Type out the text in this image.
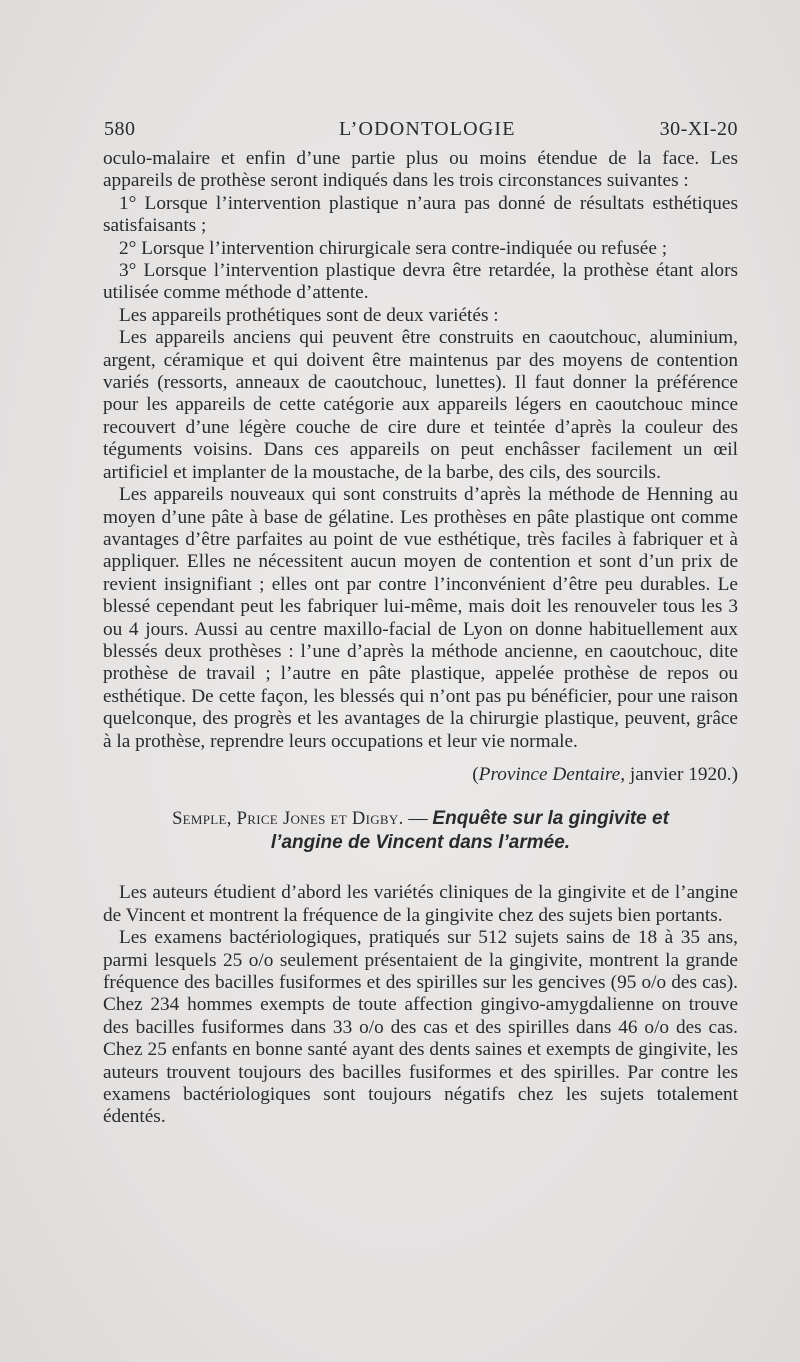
580	L’ODONTOLOGIE	30-XI-20

oculo-malaire et enfin d’une partie plus ou moins étendue de la face. Les appareils de prothèse seront indiqués dans les trois circonstances suivantes :

1° Lorsque l’intervention plastique n’aura pas donné de résultats esthétiques satisfaisants ;

2° Lorsque l’intervention chirurgicale sera contre-indiquée ou refusée ;

3° Lorsque l’intervention plastique devra être retardée, la prothèse étant alors utilisée comme méthode d’attente.

Les appareils prothétiques sont de deux variétés :

Les appareils anciens qui peuvent être construits en caoutchouc, aluminium, argent, céramique et qui doivent être maintenus par des moyens de contention variés (ressorts, anneaux de caoutchouc, lunettes). Il faut donner la préférence pour les appareils de cette catégorie aux appareils légers en caoutchouc mince recouvert d’une légère couche de cire dure et teintée d’après la couleur des téguments voisins. Dans ces appareils on peut enchâsser facilement un œil artificiel et implanter de la moustache, de la barbe, des cils, des sourcils.

Les appareils nouveaux qui sont construits d’après la méthode de Henning au moyen d’une pâte à base de gélatine. Les prothèses en pâte plastique ont comme avantages d’être parfaites au point de vue esthétique, très faciles à fabriquer et à appliquer. Elles ne nécessitent aucun moyen de contention et sont d’un prix de revient insignifiant ; elles ont par contre l’inconvénient d’être peu durables. Le blessé cependant peut les fabriquer lui-même, mais doit les renouveler tous les 3 ou 4 jours. Aussi au centre maxillo-facial de Lyon on donne habituellement aux blessés deux prothèses : l’une d’après la méthode ancienne, en caoutchouc, dite prothèse de travail ; l’autre en pâte plastique, appelée prothèse de repos ou esthétique. De cette façon, les blessés qui n’ont pas pu bénéficier, pour une raison quelconque, des progrès et les avantages de la chirurgie plastique, peuvent, grâce à la prothèse, reprendre leurs occupations et leur vie normale.

(Province Dentaire, janvier 1920.)

Semple, Price Jones et Digby. — Enquête sur la gingivite et
l’angine de Vincent dans l’armée.

Les auteurs étudient d’abord les variétés cliniques de la gingivite et de l’angine de Vincent et montrent la fréquence de la gingivite chez des sujets bien portants.

Les examens bactériologiques, pratiqués sur 512 sujets sains de 18 à 35 ans, parmi lesquels 25 o/o seulement présentaient de la gingivite, montrent la grande fréquence des bacilles fusiformes et des spirilles sur les gencives (95 o/o des cas). Chez 234 hommes exempts de toute affection gingivo-amygdalienne on trouve des bacilles fusiformes dans 33 o/o des cas et des spirilles dans 46 o/o des cas. Chez 25 enfants en bonne santé ayant des dents saines et exempts de gingivite, les auteurs trouvent toujours des bacilles fusiformes et des spirilles. Par contre les examens bactériologiques sont toujours négatifs chez les sujets totalement édentés.
